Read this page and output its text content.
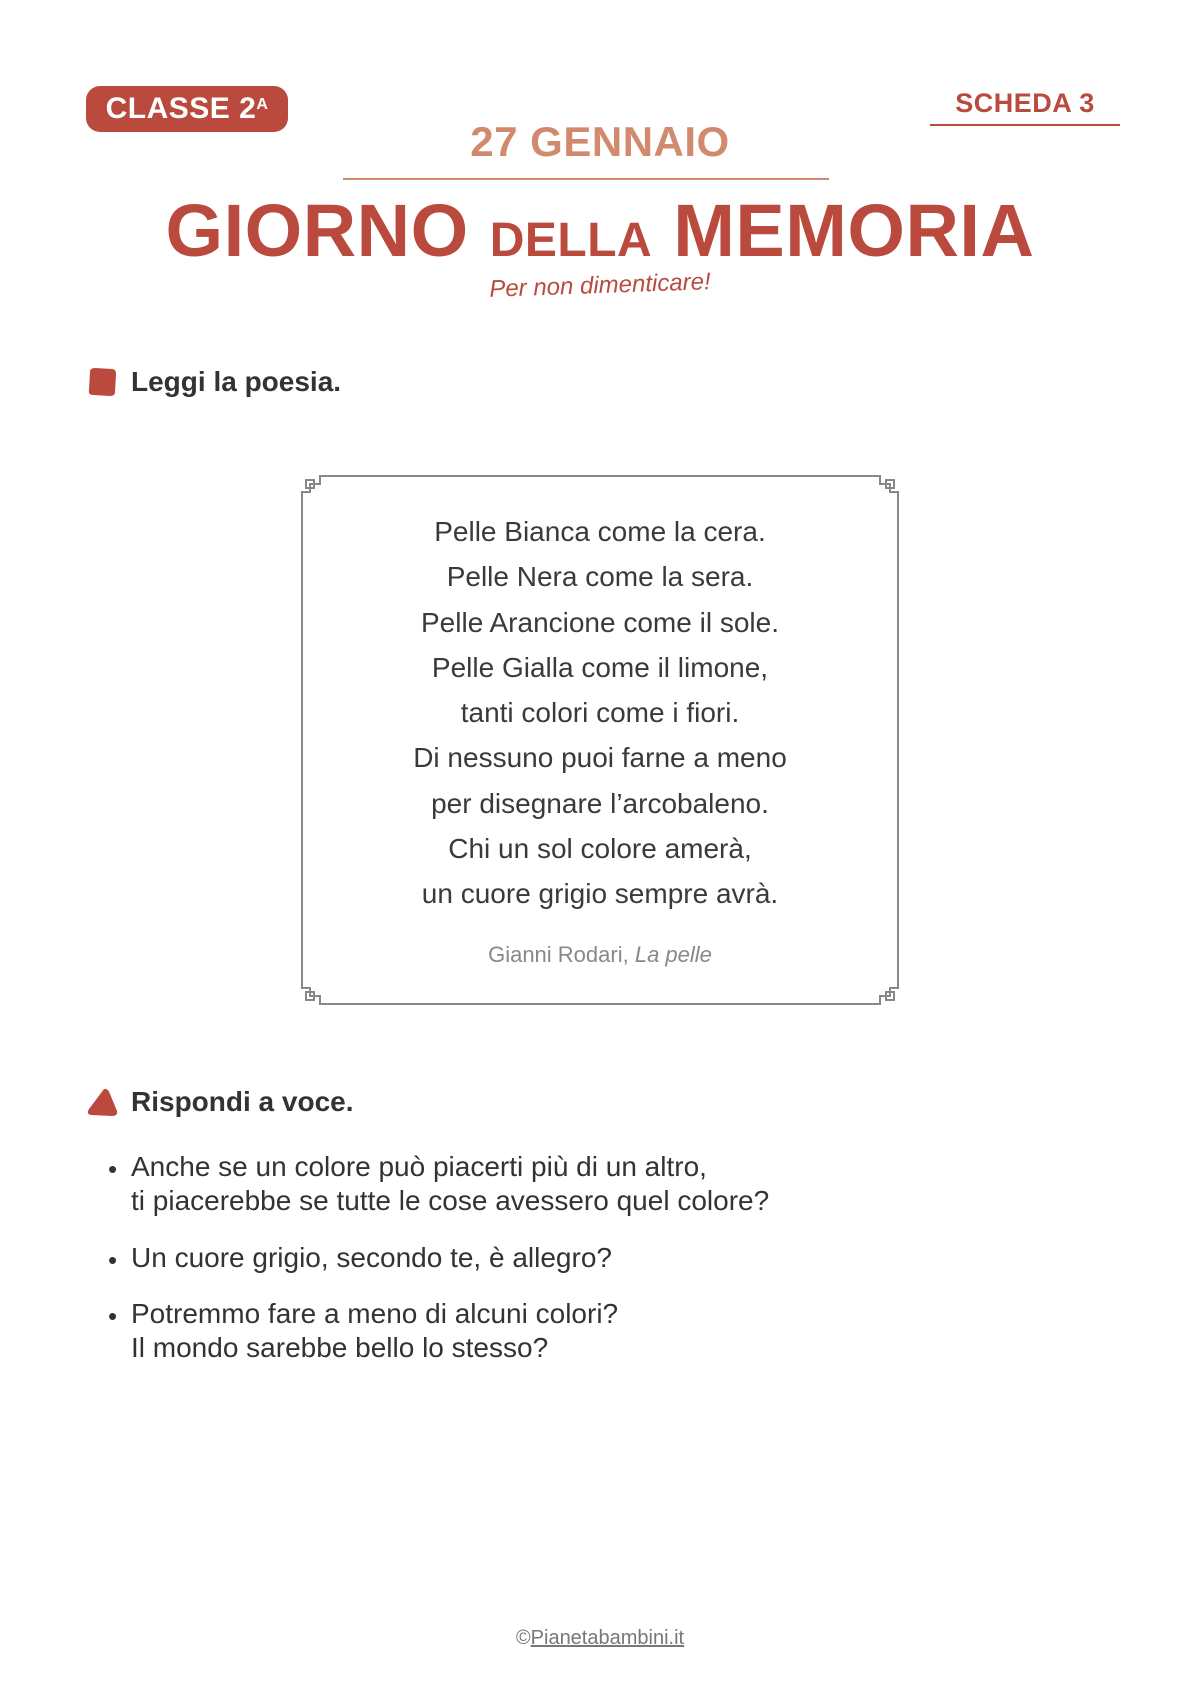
CLASSE $2^A$	SCHEDA 3
27 GENNAIO
GIORNO DELLA MEMORIA
Per non dimenticare!
Leggi la poesia.
Pelle Bianca come la cera.
Pelle Nera come la sera.
Pelle Arancione come il sole.
Pelle Gialla come il limone,
tanti colori come i fiori.
Di nessuno puoi farne a meno
per disegnare l’arcobaleno.
Chi un sol colore amerà,
un cuore grigio sempre avrà.
Gianni Rodari, La pelle
Rispondi a voce.
• Anche se un colore può piacerti più di un altro,
ti piacerebbe se tutte le cose avessero quel colore?
• Un cuore grigio, secondo te, è allegro?
• Potremmo fare a meno di alcuni colori?
Il mondo sarebbe bello lo stesso?
©Pianetabambini.it
